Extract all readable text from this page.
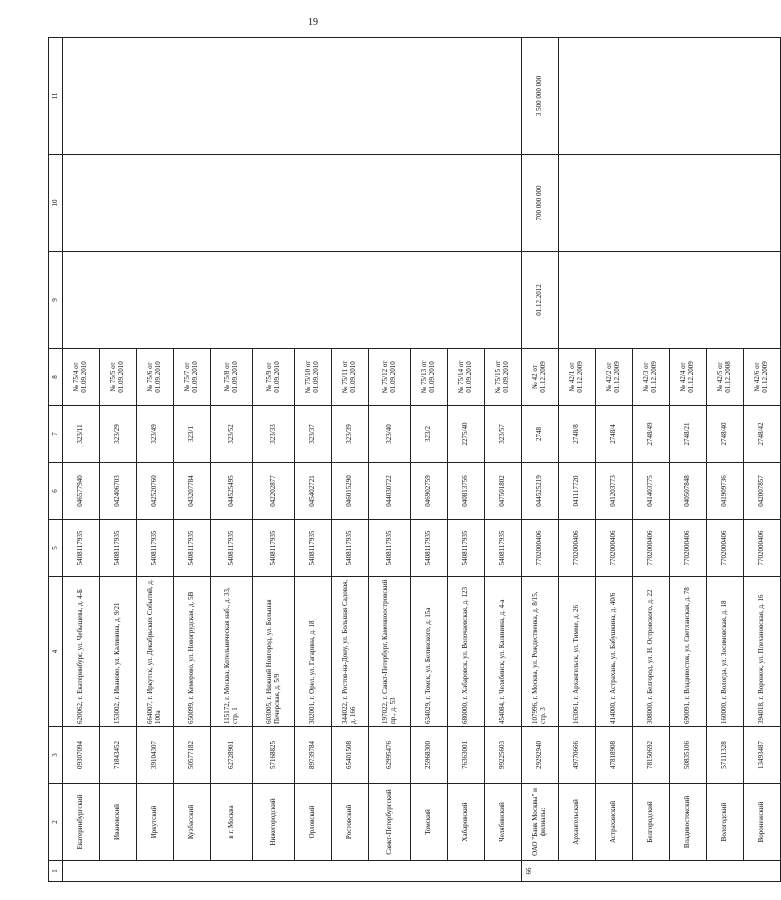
19
1	2	3	4	5	6	7	8	9	10	11
	Екатеринбургский	09307094	620062, г. Екатеринбург, ул. Чебышева, д. 4-Б	5408117935	046577940	323/11	№ 75/4 от 01.09.2010			
	Ивановский	71843452	153002, г. Иваново, ул. Калинина, д. 9/21	5408117935	042406703	323/29	№ 75/5 от 01.09.2010			
	Иркутский	39104307	664007, г. Иркутск, ул. Декабрьских Событий, д. 100а	5408117935	042520760	323/49	№ 75/6 от 01.09.2010			
	Кузбасский	50577182	650099, г. Кемерово, ул. Новогрудская, д. 5В	5408117935	043207784	323/1	№ 75/7 от 01.09.2010			
	в г. Москва	62728901	115172, г. Москва, Котельническая наб., д. 33, стр. 1	5408117935	044525495	323/52	№ 75/8 от 01.09.2010			
	Нижегородский	57168825	603005, г. Нижний Новгород, ул. Большая Печерская, д. 5/9	5408117935	042202877	323/33	№ 75/9 от 01.09.2010			
	Орловский	89739784	302001, г. Орел, ул. Гагарина, д. 18	5408117935	045402721	323/37	№ 75/10 от 01.09.2010			
	Ростовский	65401508	344022, г. Ростов-на-Дону, ул. Большая Садовая, д. 166	5408117935	046015290	323/39	№ 75/11 от 01.09.2010			
	Санкт-Петербургский	62995476	197022, г. Санкт-Петербург, Каменноостровский пр., д. 53	5408117935	044030722	323/40	№ 75/12 от 01.09.2010			
	Томский	25968300	634029, г. Томск, ул. Белинского, д. 15а	5408117935	046902759	323/2	№ 75/13 от 01.09.2010			
	Хабаровский	76363001	680000, г. Хабаровск, ул. Волочаевская, д. 123	5408117935	040813756	2275/40	№ 75/14 от 01.09.2010			
	Челябинский	99225603	454084, г. Челябинск, ул. Калинина, д. 4-а	5408117935	047501802	323/57	№ 75/15 от 01.09.2010			
66	ОАО "Банк Москвы" и филиалы:	29292940	107996, г. Москва, ул. Рождественка, д. 8/15, стр. 3	7702000406	044525219	2748	№ 42 от 01.12.2009	01.12.2012	700 000 000	3 500 000 000
	Архангельский	49770666	163061, г. Архангельск, ул. Тимме, д. 26	7702000406	041117720	2748/8	№ 42/1 от 01.12.2009			
	Астраханский	47818908	414000, г. Астрахань, ул. Бабушкина, д. 40/6	7702000406	041203773	2748/4	№ 42/2 от 01.12.2009			
	Белгородский	78150692	308000, г. Белгород, ул. Н. Островского, д. 22	7702000406	041403775	2748/49	№ 42/3 от 01.12.2009			
	Владивостокский	50835106	690091, г. Владивосток, ул. Светланская, д. 78	7702000406	040507848	2748/21	№ 42/4 от 01.12.2009			
	Вологодский	57111328	160000, г. Вологда, ул. Зосимовская, д. 18	7702000406	041909736	2748/40	№ 42/5 от 01.12.2008			
	Воронежский	13493487	394018, г. Воронеж, ул. Плехановская, д. 16	7702000406	042007857	2748/42	№ 42/6 от 01.12.2009			
